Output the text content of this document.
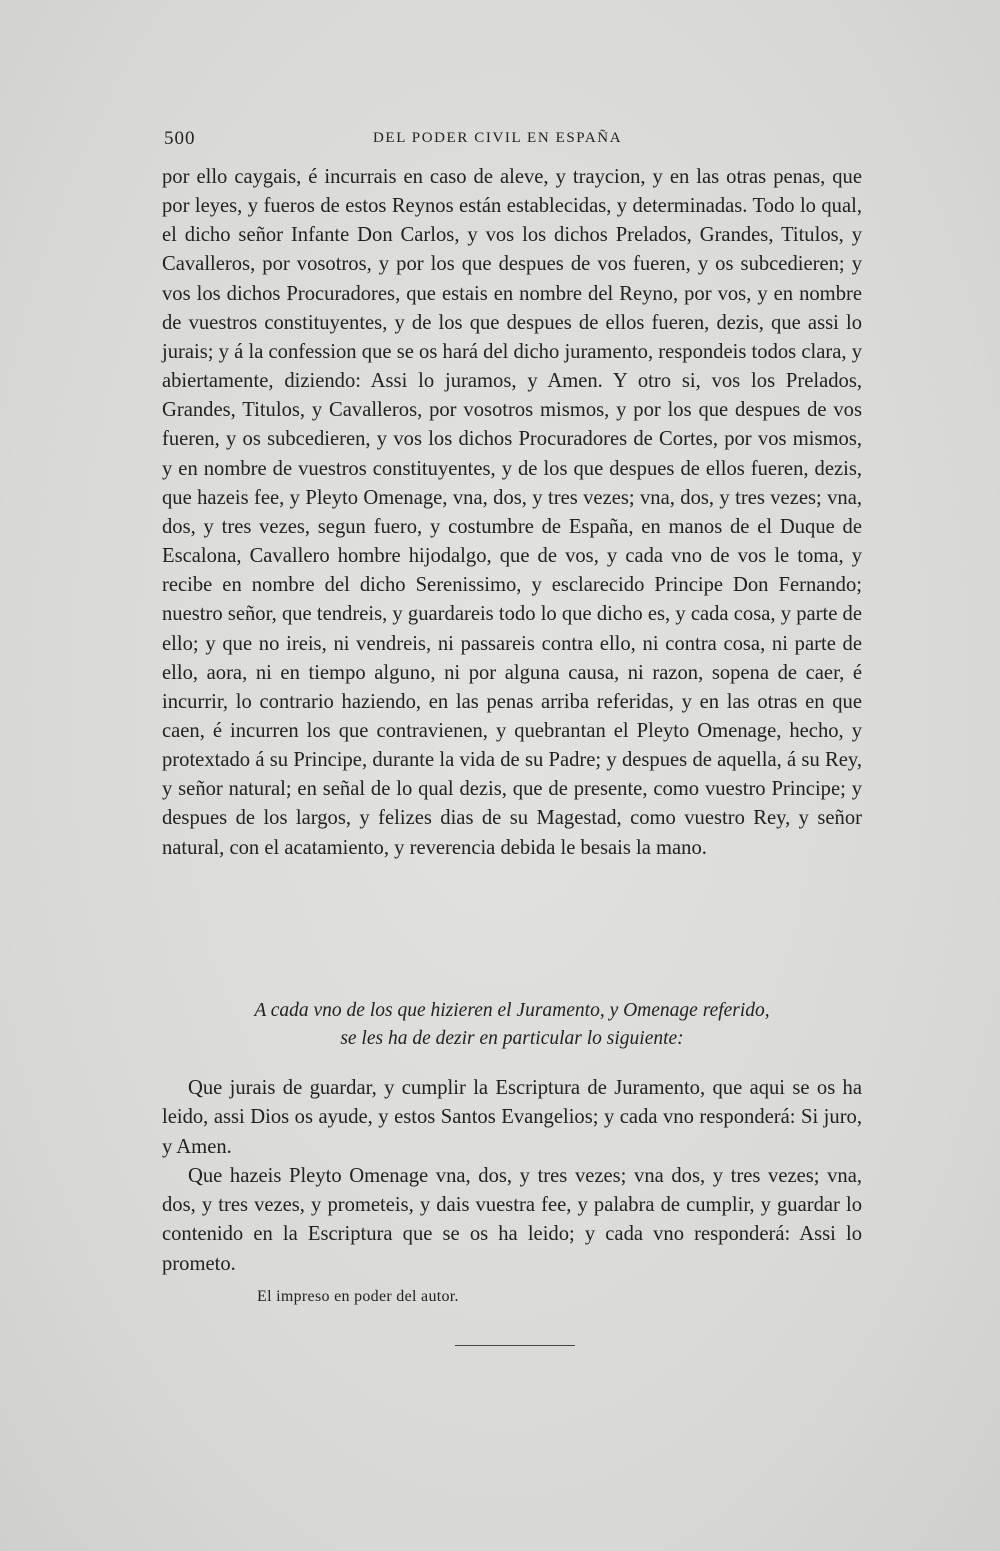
500	DEL PODER CIVIL EN ESPAÑA
por ello caygais, é incurrais en caso de aleve, y traycion, y en las otras penas, que por leyes, y fueros de estos Reynos están establecidas, y determinadas. Todo lo qual, el dicho señor Infante Don Carlos, y vos los dichos Prelados, Grandes, Titulos, y Cavalleros, por vosotros, y por los que despues de vos fueren, y os subcedieren; y vos los dichos Procuradores, que estais en nombre del Reyno, por vos, y en nombre de vuestros constituyentes, y de los que despues de ellos fueren, dezis, que assi lo jurais; y á la confession que se os hará del dicho juramento, respondeis todos clara, y abiertamente, diziendo: Assi lo juramos, y Amen. Y otro si, vos los Prelados, Grandes, Titulos, y Cavalleros, por vosotros mismos, y por los que despues de vos fueren, y os subcedieren, y vos los dichos Procuradores de Cortes, por vos mismos, y en nombre de vuestros constituyentes, y de los que despues de ellos fueren, dezis, que hazeis fee, y Pleyto Omenage, vna, dos, y tres vezes; vna, dos, y tres vezes; vna, dos, y tres vezes, segun fuero, y costumbre de España, en manos de el Duque de Escalona, Cavallero hombre hijodalgo, que de vos, y cada vno de vos le toma, y recibe en nombre del dicho Serenissimo, y esclarecido Principe Don Fernando; nuestro señor, que tendreis, y guardareis todo lo que dicho es, y cada cosa, y parte de ello; y que no ireis, ni vendreis, ni passareis contra ello, ni contra cosa, ni parte de ello, aora, ni en tiempo alguno, ni por alguna causa, ni razon, sopena de caer, é incurrir, lo contrario haziendo, en las penas arriba referidas, y en las otras en que caen, é incurren los que contravienen, y quebrantan el Pleyto Omenage, hecho, y protextado á su Principe, durante la vida de su Padre; y despues de aquella, á su Rey, y señor natural; en señal de lo qual dezis, que de presente, como vuestro Principe; y despues de los largos, y felizes dias de su Magestad, como vuestro Rey, y señor natural, con el acatamiento, y reverencia debida le besais la mano.
A cada vno de los que hizieren el Juramento, y Omenage referido,
se les ha de dezir en particular lo siguiente:

Que jurais de guardar, y cumplir la Escriptura de Juramento, que aqui se os ha leido, assi Dios os ayude, y estos Santos Evangelios; y cada vno responderá: Si juro, y Amen.

Que hazeis Pleyto Omenage vna, dos, y tres vezes; vna dos, y tres vezes; vna, dos, y tres vezes, y prometeis, y dais vuestra fee, y palabra de cumplir, y guardar lo contenido en la Escriptura que se os ha leido; y cada vno responderá: Assi lo prometo.

El impreso en poder del autor.
